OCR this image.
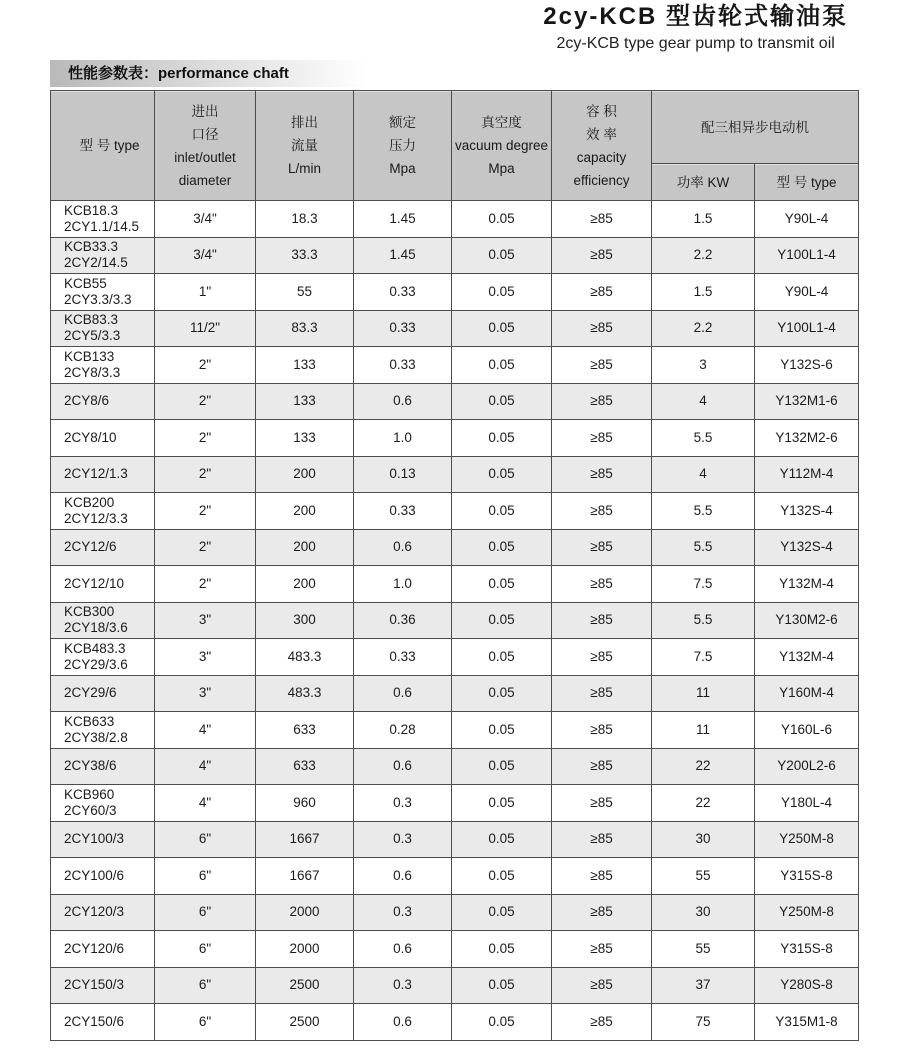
2cy-KCB 型齿轮式输油泵
2cy-KCB type gear pump to transmit oil
性能参数表：performance chaft
型 号 type	进出
口径
inlet/outlet
diameter	排出
流量
L/min	额定
压力
Mpa	真空度
vacuum degree
Mpa	容 积
效 率
capacity
efficiency	配三相异步电动机	
						功率 KW	型 号 type
KCB18.3
2CY1.1/14.5	3/4"	18.3	1.45	0.05	≥85	1.5	Y90L-4
KCB33.3
2CY2/14.5	3/4"	33.3	1.45	0.05	≥85	2.2	Y100L1-4
KCB55
2CY3.3/3.3	1"	55	0.33	0.05	≥85	1.5	Y90L-4
KCB83.3
2CY5/3.3	11/2"	83.3	0.33	0.05	≥85	2.2	Y100L1-4
KCB133
2CY8/3.3	2"	133	0.33	0.05	≥85	3	Y132S-6
2CY8/6	2"	133	0.6	0.05	≥85	4	Y132M1-6
2CY8/10	2"	133	1.0	0.05	≥85	5.5	Y132M2-6
2CY12/1.3	2"	200	0.13	0.05	≥85	4	Y112M-4
KCB200
2CY12/3.3	2"	200	0.33	0.05	≥85	5.5	Y132S-4
2CY12/6	2"	200	0.6	0.05	≥85	5.5	Y132S-4
2CY12/10	2"	200	1.0	0.05	≥85	7.5	Y132M-4
KCB300
2CY18/3.6	3"	300	0.36	0.05	≥85	5.5	Y130M2-6
KCB483.3
2CY29/3.6	3"	483.3	0.33	0.05	≥85	7.5	Y132M-4
2CY29/6	3"	483.3	0.6	0.05	≥85	11	Y160M-4
KCB633
2CY38/2.8	4"	633	0.28	0.05	≥85	11	Y160L-6
2CY38/6	4"	633	0.6	0.05	≥85	22	Y200L2-6
KCB960
2CY60/3	4"	960	0.3	0.05	≥85	22	Y180L-4
2CY100/3	6"	1667	0.3	0.05	≥85	30	Y250M-8
2CY100/6	6"	1667	0.6	0.05	≥85	55	Y315S-8
2CY120/3	6"	2000	0.3	0.05	≥85	30	Y250M-8
2CY120/6	6"	2000	0.6	0.05	≥85	55	Y315S-8
2CY150/3	6"	2500	0.3	0.05	≥85	37	Y280S-8
2CY150/6	6"	2500	0.6	0.05	≥85	75	Y315M1-8
